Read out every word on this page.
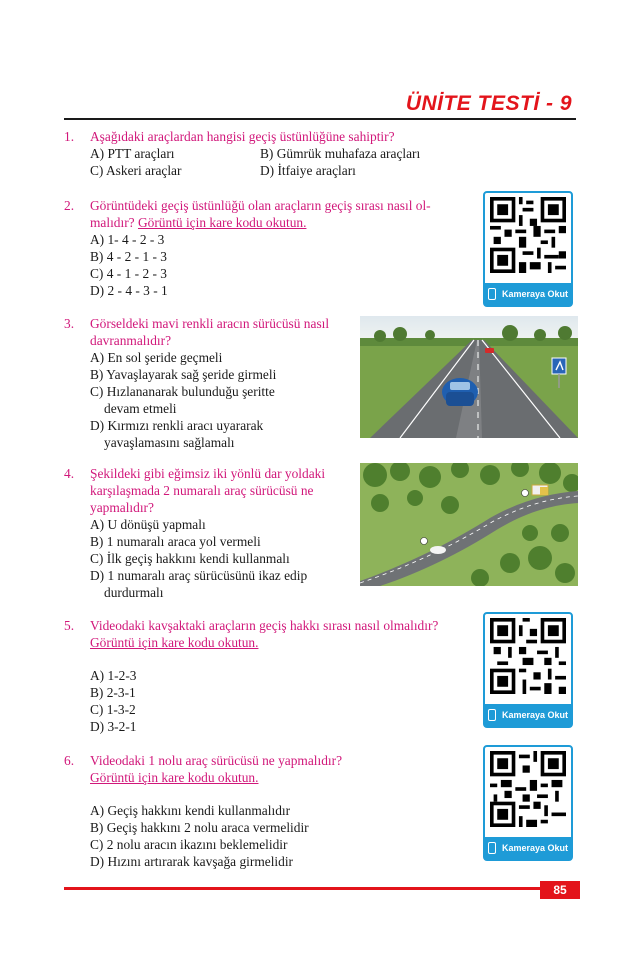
ÜNİTE TESTİ - 9
1. Aşağıdaki araçlardan hangisi geçiş üstünlüğüne sahiptir?
A) PTT araçları	B) Gümrük muhafaza araçları
C) Askeri araçlar	D) İtfaiye araçları
2. Görüntüdeki geçiş üstünlüğü olan araçların geçiş sırası nasıl ol-
malıdır? Görüntü için kare kodu okutun.
A) 1- 4 - 2 - 3
B) 4 - 2 - 1 - 3
C) 4 - 1 - 2 - 3
D) 2 - 4 - 3 - 1	Kameraya Okut
3. Görseldeki mavi renkli aracın sürücüsü nasıl
davranmalıdır?
A) En sol şeride geçmeli
B) Yavaşlayarak sağ şeride girmeli
C) Hızlananarak bulunduğu şeritte
devam etmeli
D) Kırmızı renkli aracı uyararak
yavaşlamasını sağlamalı
4. Şekildeki gibi eğimsiz iki yönlü dar yoldaki
karşılaşmada 2 numaralı araç sürücüsü ne
yapmalıdır?
A) U dönüşü yapmalı
B) 1 numaralı araca yol vermeli
C) İlk geçiş hakkını kendi kullanmalı
D) 1 numaralı araç sürücüsünü ikaz edip
durdurmalı
5. Videodaki kavşaktaki araçların geçiş hakkı sırası nasıl olmalıdır?
Görüntü için kare kodu okutun.
A) 1-2-3
B) 2-3-1
C) 1-3-2
D) 3-2-1
Kameraya Okut
6. Videodaki 1 nolu araç sürücüsü ne yapmalıdır?
Görüntü için kare kodu okutun.
A) Geçiş hakkını kendi kullanmalıdır
B) Geçiş hakkını 2 nolu araca vermelidir
C) 2 nolu aracın ikazını beklemelidir
D) Hızını artırarak kavşağa girmelidir
Kameraya Okut
85
